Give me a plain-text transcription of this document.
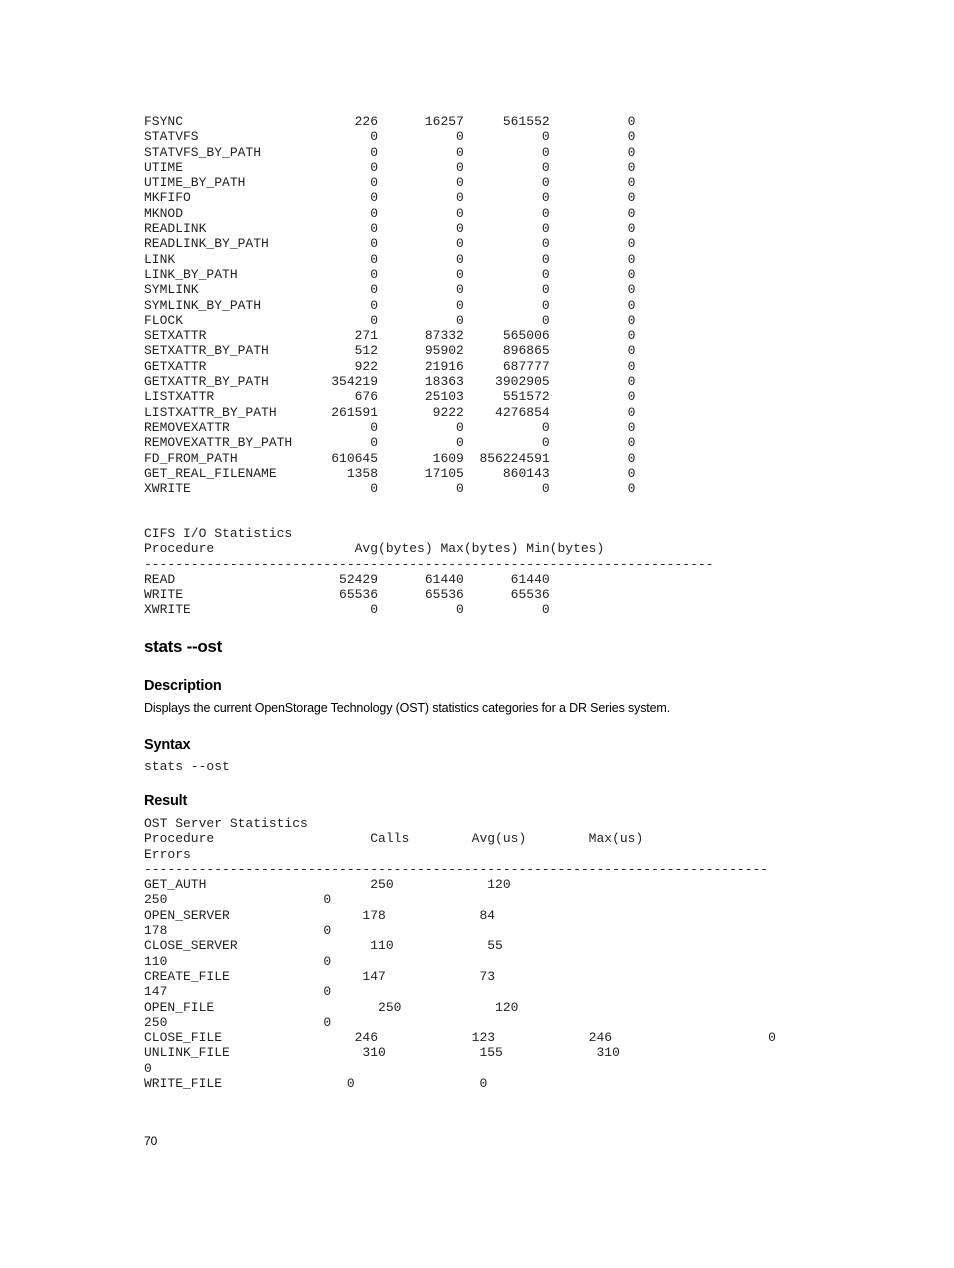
FSYNC                      226      16257     561552          0
STATVFS                      0          0          0          0
STATVFS_BY_PATH              0          0          0          0
UTIME                        0          0          0          0
UTIME_BY_PATH                0          0          0          0
MKFIFO                       0          0          0          0
MKNOD                        0          0          0          0
READLINK                     0          0          0          0
READLINK_BY_PATH             0          0          0          0
LINK                         0          0          0          0
LINK_BY_PATH                 0          0          0          0
SYMLINK                      0          0          0          0
SYMLINK_BY_PATH              0          0          0          0
FLOCK                        0          0          0          0
SETXATTR                   271      87332     565006          0
SETXATTR_BY_PATH           512      95902     896865          0
GETXATTR                   922      21916     687777          0
GETXATTR_BY_PATH        354219      18363    3902905          0
LISTXATTR                  676      25103     551572          0
LISTXATTR_BY_PATH       261591       9222    4276854          0
REMOVEXATTR                  0          0          0          0
REMOVEXATTR_BY_PATH          0          0          0          0
FD_FROM_PATH            610645       1609  856224591          0
GET_REAL_FILENAME         1358      17105     860143          0
XWRITE                       0          0          0          0
CIFS I/O Statistics
Procedure                  Avg(bytes) Max(bytes) Min(bytes)
-------------------------------------------------------------------------
READ                     52429      61440      61440
WRITE                    65536      65536      65536
XWRITE                       0          0          0
stats --ost
Description
Displays the current OpenStorage Technology (OST) statistics categories for a DR Series system.
Syntax
stats --ost
Result
OST Server Statistics
Procedure                    Calls        Avg(us)        Max(us)
Errors
--------------------------------------------------------------------------------
GET_AUTH                     250            120
250                    0
OPEN_SERVER                 178            84
178                    0
CLOSE_SERVER                 110            55
110                    0
CREATE_FILE                 147            73
147                    0
OPEN_FILE                     250            120
250                    0
CLOSE_FILE                 246            123            246                    0
UNLINK_FILE                 310            155            310
0
WRITE_FILE                0                0
70
